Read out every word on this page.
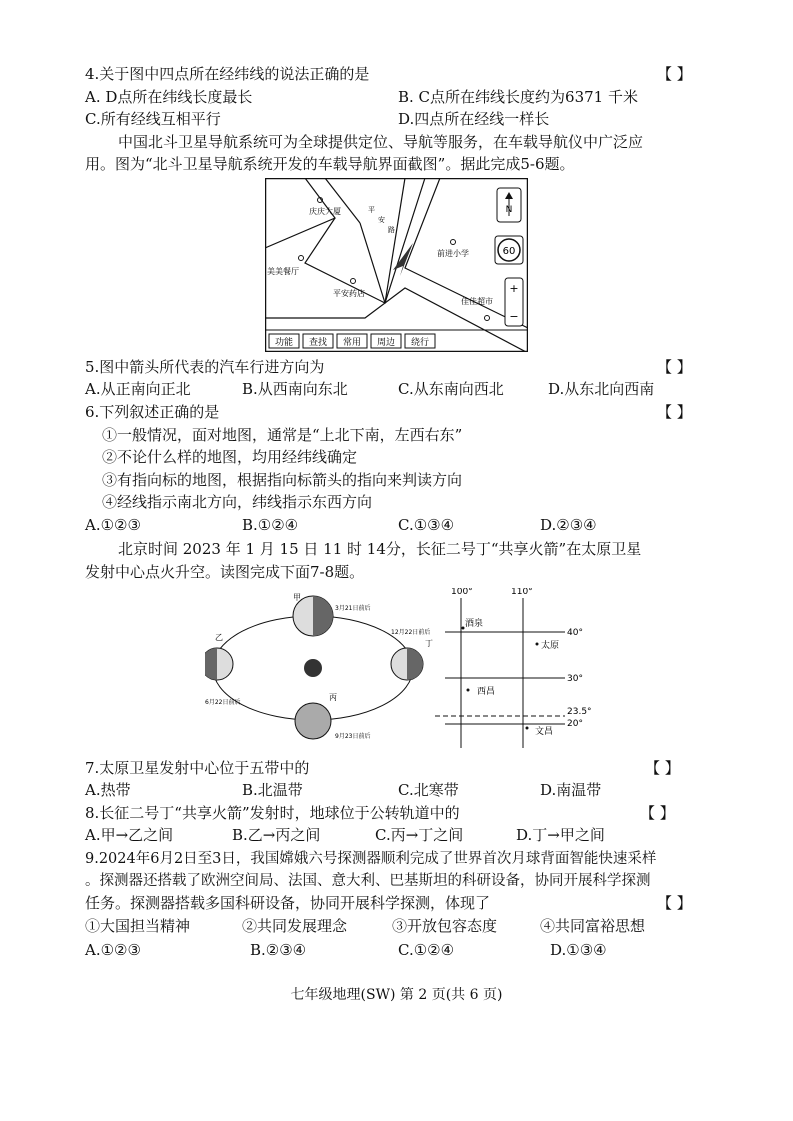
4.关于图中四点所在经纬线的说法正确的是	【 】
A. D点所在纬线长度最长	B. C点所在纬线长度约为6371 千米
C.所有经线互相平行	D.四点所在经线一样长
中国北斗卫星导航系统可为全球提供定位、导航等服务，在车载导航仪中广泛应
用。图为“北斗卫星导航系统开发的车载导航界面截图”。据此完成5-6题。
N
60
+
−
庆庆大厦
美美餐厅
平安药店
前进小学
佳佳超市
平
安
路
功能 查找 常用 周边 绕行
5.图中箭头所代表的汽车行进方向为	【 】
A.从正南向正北	B.从西南向东北	C.从东南向西北	D.从东北向西南
6.下列叙述正确的是	【 】
①一般情况，面对地图，通常是“上北下南，左西右东”
②不论什么样的地图，均用经纬线确定
③有指向标的地图，根据指向标箭头的指向来判读方向
④经线指示南北方向，纬线指示东西方向
A.①②③	B.①②④	C.①③④	D.②③④
北京时间 2023 年 1 月 15 日 11 时 14分，长征二号丁“共享火箭”在太原卫星
发射中心点火升空。读图完成下面7-8题。
甲
3月21日前后
乙
6月22日前后
丙
9月23日前后
丁
12月22日前后
100°	110°
40°
30°
23.5°
20°
酒泉
太原
西昌
文昌
7.太原卫星发射中心位于五带中的	【 】
A.热带	B.北温带	C.北寒带	D.南温带
8.长征二号丁“共享火箭”发射时，地球位于公转轨道中的	【 】
A.甲→乙之间	B.乙→丙之间	C.丙→丁之间	D.丁→甲之间
9.2024年6月2日至3日，我国嫦娥六号探测器顺利完成了世界首次月球背面智能快速采样
。探测器还搭载了欧洲空间局、法国、意大利、巴基斯坦的科研设备，协同开展科学探测
任务。探测器搭载多国科研设备，协同开展科学探测，体现了	【 】
①大国担当精神	②共同发展理念	③开放包容态度	④共同富裕思想
A.①②③	B.②③④	C.①②④	D.①③④
七年级地理(SW) 第 2 页(共 6 页)
